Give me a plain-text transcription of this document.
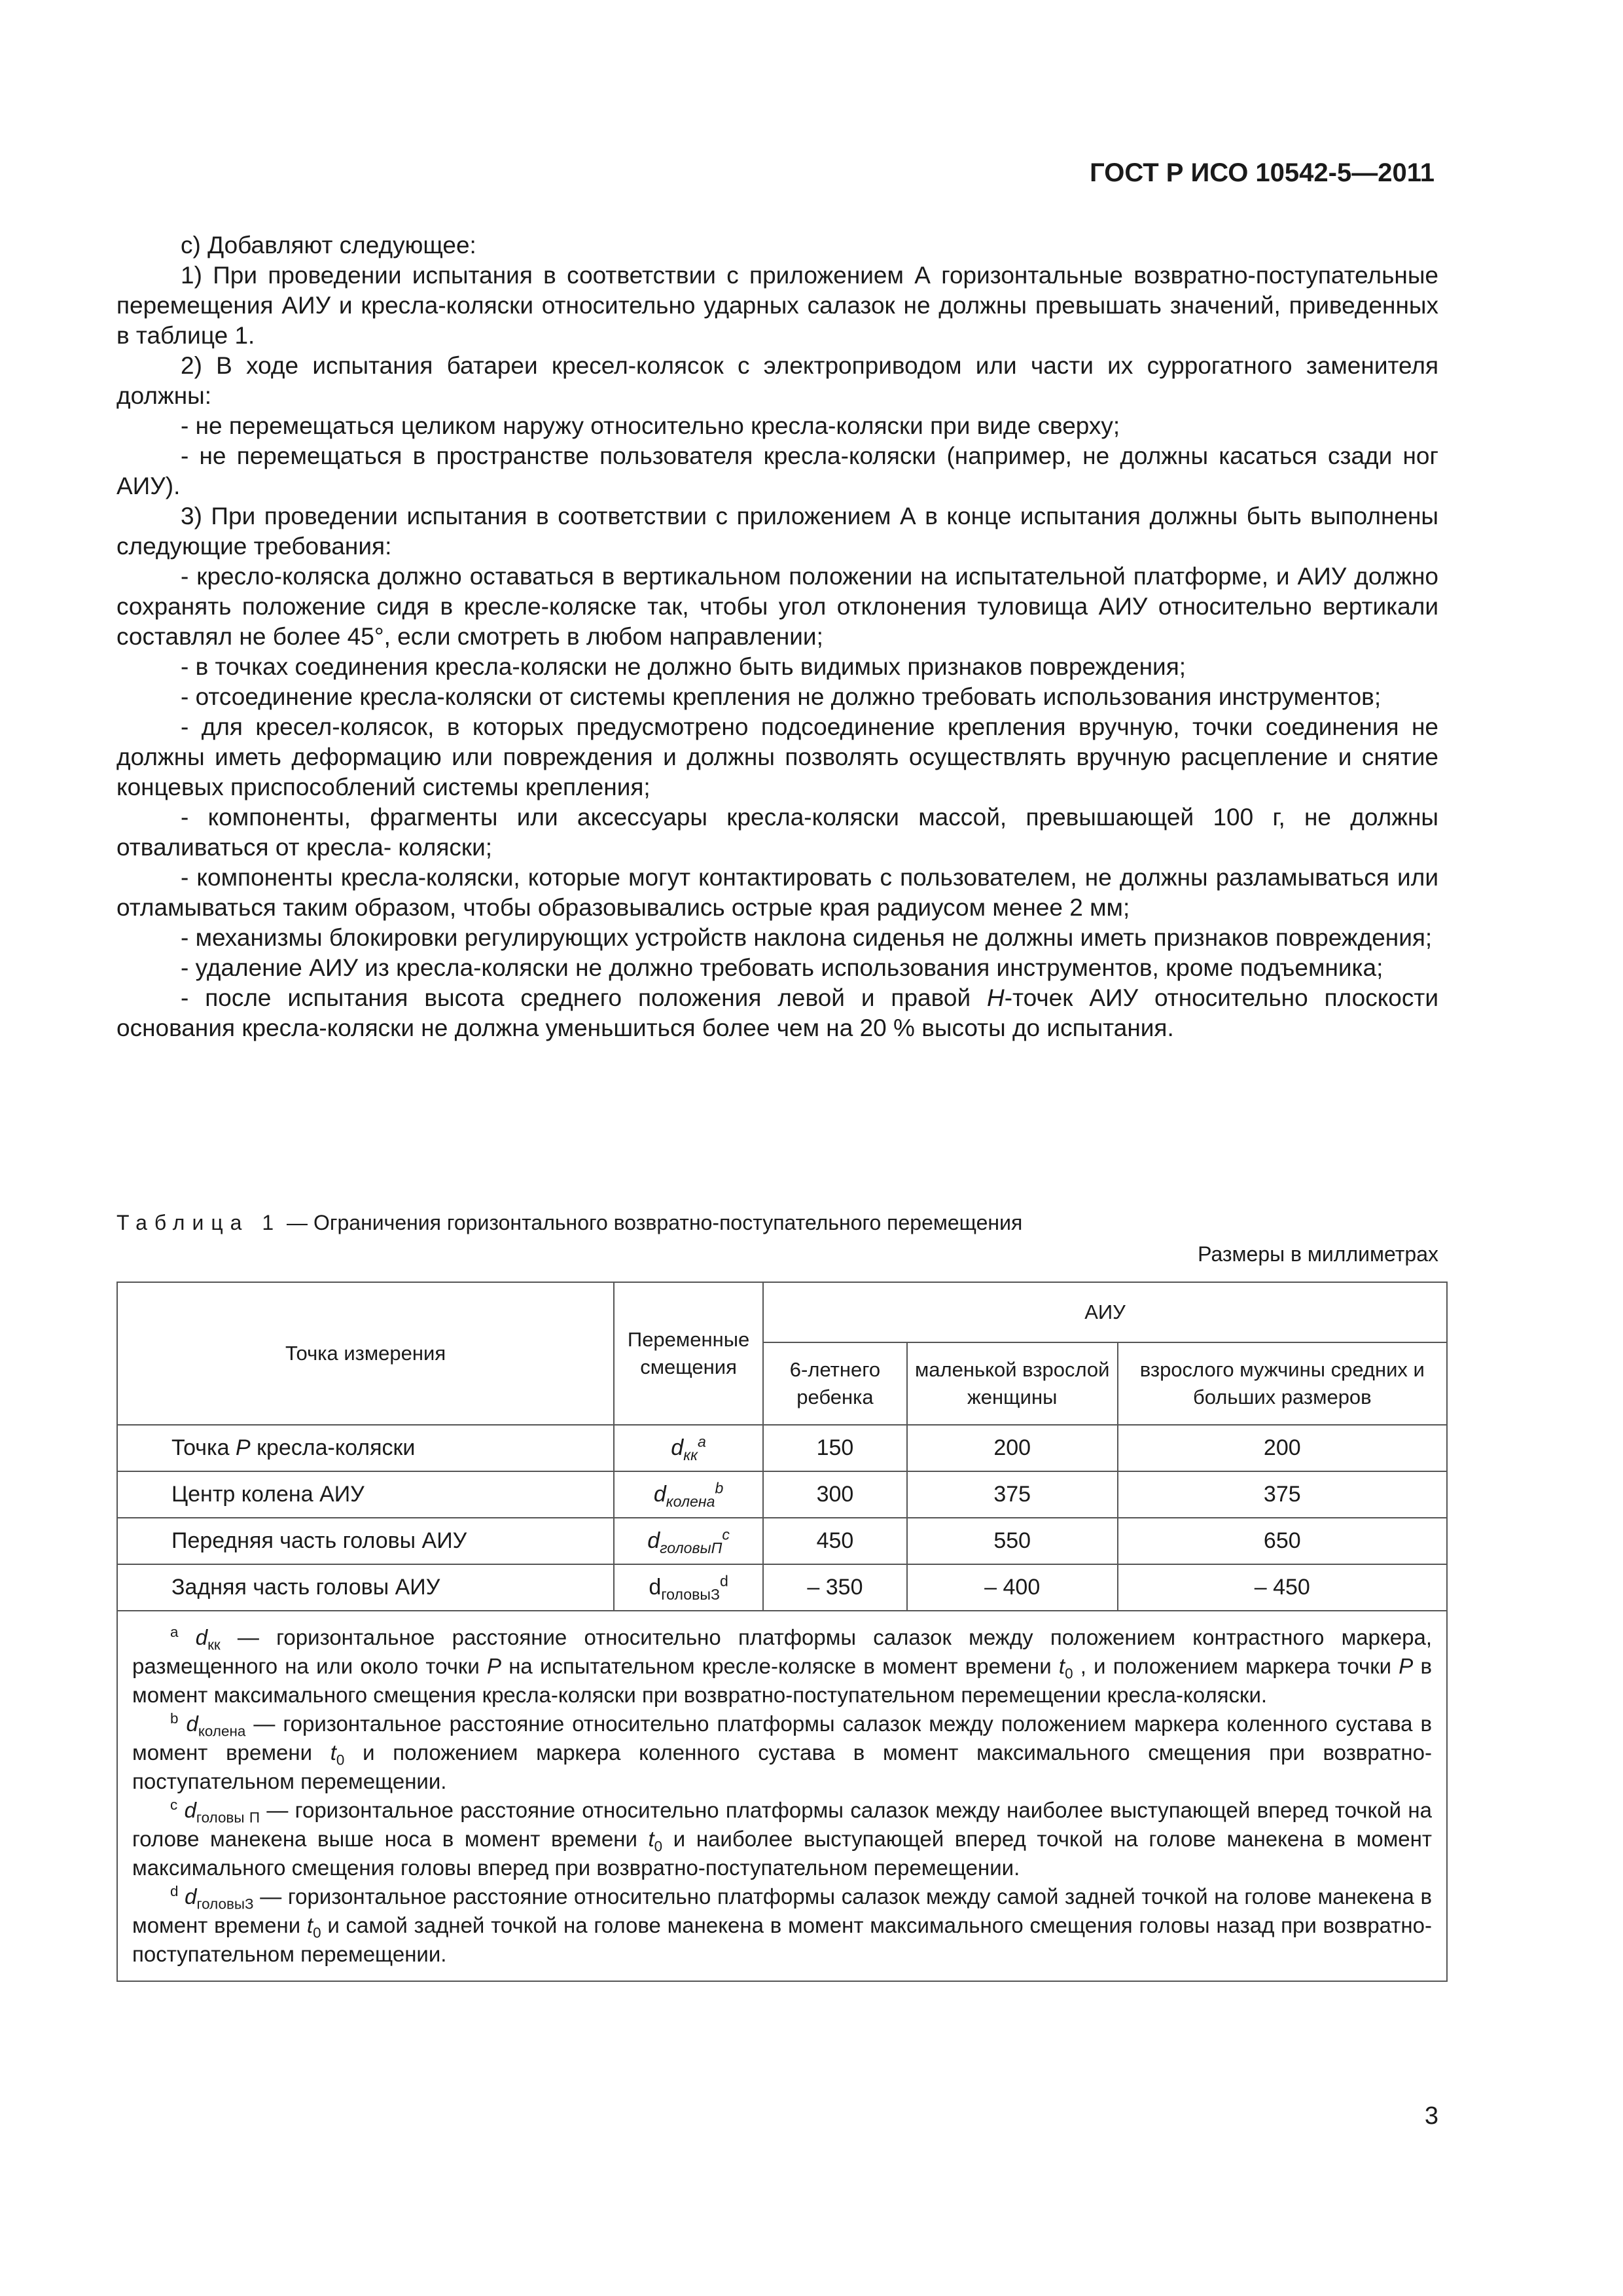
ГОСТ Р ИСО 10542-5—2011

с) Добавляют следующее:

1) При проведении испытания в соответствии с приложением А горизонтальные возвратно-поступательные перемещения АИУ и кресла-коляски относительно ударных салазок не должны превышать значений, приведенных в таблице 1.

2) В ходе испытания батареи кресел-колясок с электроприводом или части их суррогатного заменителя должны:

- не перемещаться целиком наружу относительно кресла-коляски при виде сверху;

- не перемещаться в пространстве пользователя кресла-коляски (например, не должны касаться сзади ног АИУ).

3) При проведении испытания в соответствии с приложением А в конце испытания должны быть выполнены следующие требования:

- кресло-коляска должно оставаться в вертикальном положении на испытательной платформе, и АИУ должно сохранять положение сидя в кресле-коляске так, чтобы угол отклонения туловища АИУ относительно вертикали составлял не более 45°, если смотреть в любом направлении;

- в точках соединения кресла-коляски не должно быть видимых признаков повреждения;

- отсоединение кресла-коляски от системы крепления не должно требовать использования инструментов;

- для кресел-колясок, в которых предусмотрено подсоединение крепления вручную, точки соединения не должны иметь деформацию или повреждения и должны позволять осуществлять вручную расцепление и снятие концевых приспособлений системы крепления;

- компоненты, фрагменты или аксессуары кресла-коляски массой, превышающей 100 г, не должны отваливаться от кресла- коляски;

- компоненты кресла-коляски, которые могут контактировать с пользователем, не должны разламываться или отламываться таким образом, чтобы образовывались острые края радиусом менее 2 мм;

- механизмы блокировки регулирующих устройств наклона сиденья не должны иметь признаков повреждения;

- удаление АИУ из кресла-коляски не должно требовать использования инструментов, кроме подъемника;

- после испытания высота среднего положения левой и правой H-точек АИУ относительно плоскости основания кресла-коляски не должна уменьшиться более чем на 20 % высоты до испытания.

Таблица 1 — Ограничения горизонтального возвратно-поступательного перемещения
Размеры в миллиметрах
Точка измерения	Переменные смещения	АИУ		
		6-летнего ребенка	маленькой взрослой женщины	взрослого мужчины средних и больших размеров
Точка P кресла-коляски	$d_{кк}^a$	150	200	200
Центр колена АИУ	$d_{колена}^b$	300	375	375
Передняя часть головы АИУ	$d_{головыП}^c$	450	550	650
Задняя часть головы АИУ	$d_{головыЗ}^d$	– 350	– 400	– 450

$^a$ $d_{кк}$ — горизонтальное расстояние относительно платформы салазок между положением контрастного маркера, размещенного на или около точки P на испытательном кресле-коляске в момент времени $t_0$ , и положением маркера точки P в момент максимального смещения кресла-коляски при возвратно-поступательном перемещении кресла-коляски.

$^b$ $d_{колена}$ — горизонтальное расстояние относительно платформы салазок между положением маркера коленного сустава в момент времени $t_0$ и положением маркера коленного сустава в момент максимального смещения при возвратно-поступательном перемещении.

$^c$ $d_{головы П}$ — горизонтальное расстояние относительно платформы салазок между наиболее выступающей вперед точкой на голове манекена выше носа в момент времени $t_0$ и наиболее выступающей вперед точкой на голове манекена в момент максимального смещения головы вперед при возвратно-поступательном перемещении.

$^d$ $d_{головыЗ}$ — горизонтальное расстояние относительно платформы салазок между самой задней точкой на голове манекена в момент времени $t_0$ и самой задней точкой на голове манекена в момент максимального смещения головы назад при возвратно-поступательном перемещении.				

3
